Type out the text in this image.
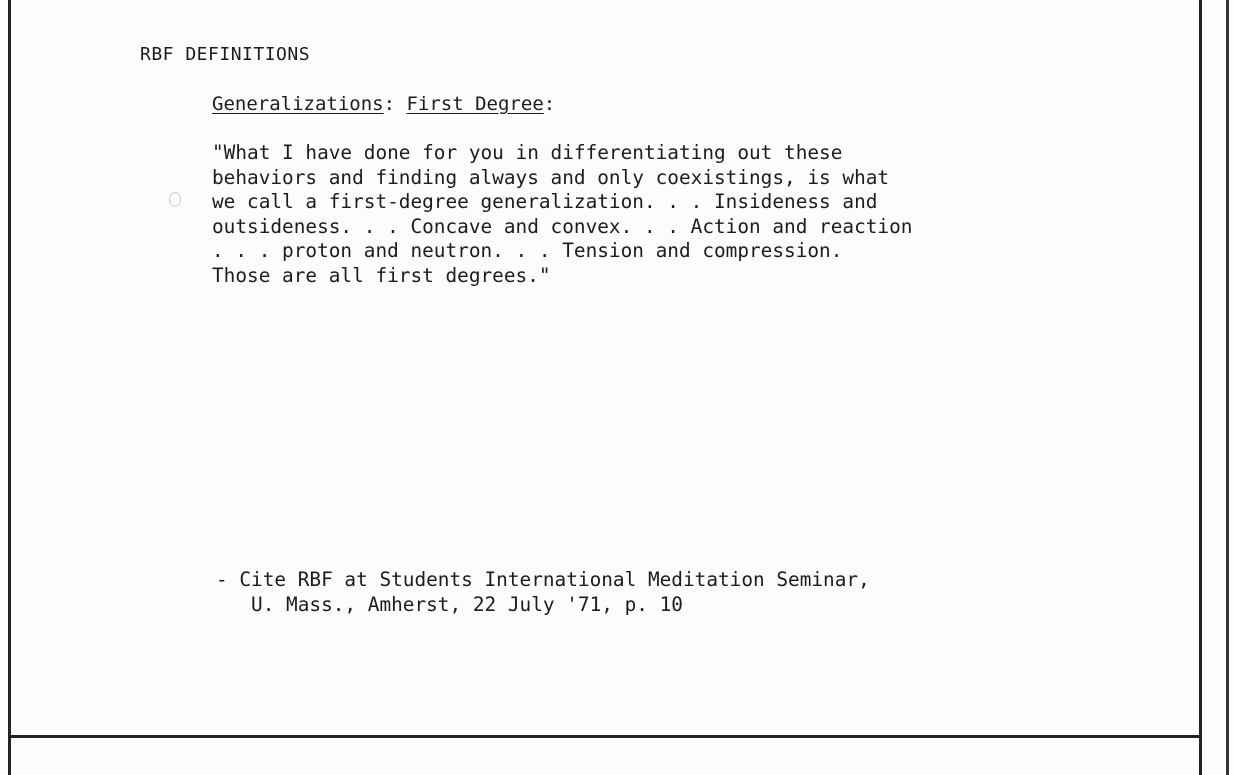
RBF DEFINITIONS
Generalizations: First Degree:
"What I have done for you in differentiating out these
behaviors and finding always and only coexistings, is what
we call a first-degree generalization. . . Insideness and
outsideness. . . Concave and convex. . . Action and reaction
. . . proton and neutron. . . Tension and compression.
Those are all first degrees."
- Cite RBF at Students International Meditation Seminar,
U. Mass., Amherst, 22 July '71, p. 10
